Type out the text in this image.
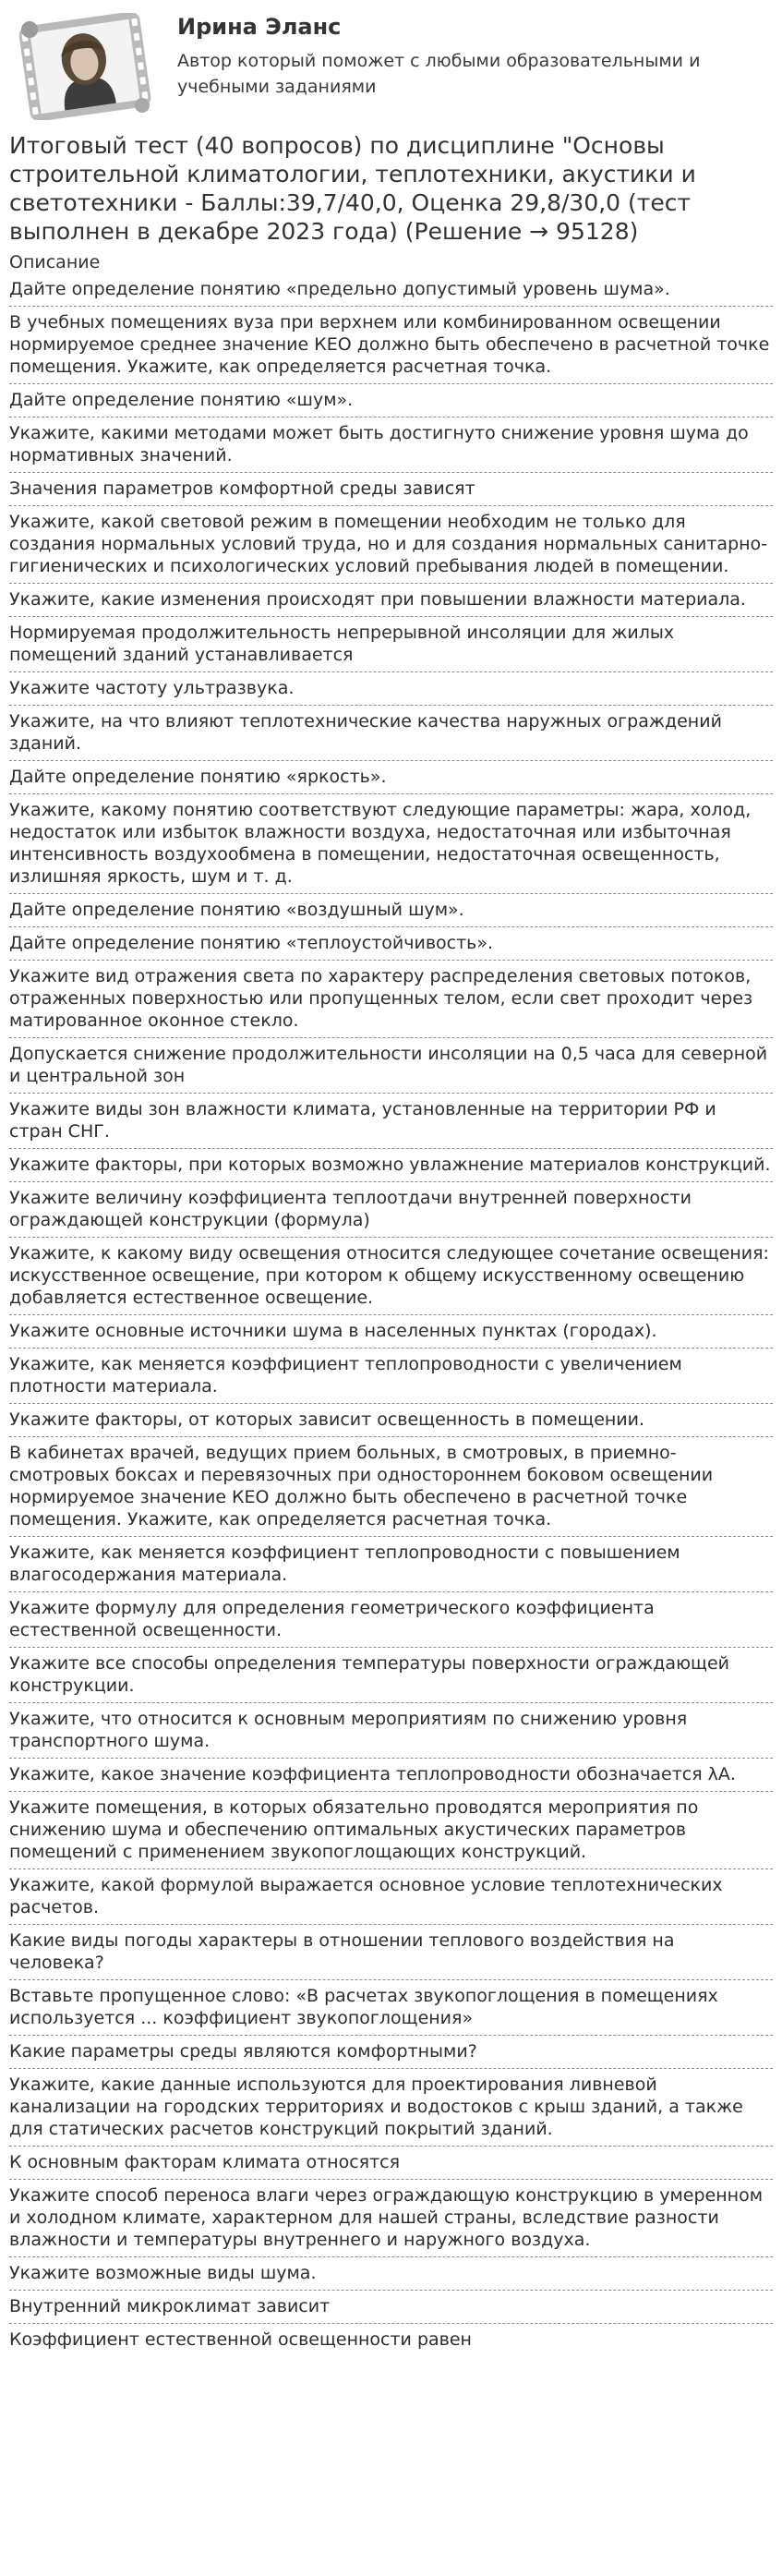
Ирина Эланс
Автор который поможет с любыми образовательными и учебными заданиями
Итоговый тест (40 вопросов) по дисциплине "Основы строительной климатологии, теплотехники, акустики и светотехники - Баллы:39,7/40,0, Оценка 29,8/30,0 (тест выполнен в декабре 2023 года) (Решение → 95128)
Описание
Дайте определение понятию «предельно допустимый уровень шума».
В учебных помещениях вуза при верхнем или комбинированном освещении нормируемое среднее значение КЕО должно быть обеспечено в расчетной точке помещения. Укажите, как определяется расчетная точка.
Дайте определение понятию «шум».
Укажите, какими методами может быть достигнуто снижение уровня шума до нормативных значений.
Значения параметров комфортной среды зависят
Укажите, какой световой режим в помещении необходим не только для создания нормальных условий труда, но и для создания нормальных санитарно-гигиенических и психологических условий пребывания людей в помещении.
Укажите, какие изменения происходят при повышении влажности материала.
Нормируемая продолжительность непрерывной инсоляции для жилых помещений зданий устанавливается
Укажите частоту ультразвука.
Укажите, на что влияют теплотехнические качества наружных ограждений зданий.
Дайте определение понятию «яркость».
Укажите, какому понятию соответствуют следующие параметры: жара, холод, недостаток или избыток влажности воздуха, недостаточная или избыточная интенсивность воздухообмена в помещении, недостаточная освещенность, излишняя яркость, шум и т. д.
Дайте определение понятию «воздушный шум».
Дайте определение понятию «теплоустойчивость».
Укажите вид отражения света по характеру распределения световых потоков, отраженных поверхностью или пропущенных телом, если свет проходит через матированное оконное стекло.
Допускается снижение продолжительности инсоляции на 0,5 часа для северной и центральной зон
Укажите виды зон влажности климата, установленные на территории РФ и стран СНГ.
Укажите факторы, при которых возможно увлажнение материалов конструкций.
Укажите величину коэффициента теплоотдачи внутренней поверхности ограждающей конструкции (формула)
Укажите, к какому виду освещения относится следующее сочетание освещения: искусственное освещение, при котором к общему искусственному освещению добавляется естественное освещение.
Укажите основные источники шума в населенных пунктах (городах).
Укажите, как меняется коэффициент теплопроводности с увеличением плотности материала.
Укажите факторы, от которых зависит освещенность в помещении.
В кабинетах врачей, ведущих прием больных, в смотровых, в приемно-смотровых боксах и перевязочных при одностороннем боковом освещении нормируемое значение КЕО должно быть обеспечено в расчетной точке помещения. Укажите, как определяется расчетная точка.
Укажите, как меняется коэффициент теплопроводности с повышением влагосодержания материала.
Укажите формулу для определения геометрического коэффициента естественной освещенности.
Укажите все способы определения температуры поверхности ограждающей конструкции.
Укажите, что относится к основным мероприятиям по снижению уровня транспортного шума.
Укажите, какое значение коэффициента теплопроводности обозначается λА.
Укажите помещения, в которых обязательно проводятся мероприятия по снижению шума и обеспечению оптимальных акустических параметров помещений с применением звукопоглощающих конструкций.
Укажите, какой формулой выражается основное условие теплотехнических расчетов.
Какие виды погоды характеры в отношении теплового воздействия на человека?
Вставьте пропущенное слово: «В расчетах звукопоглощения в помещениях используется ... коэффициент звукопоглощения»
Какие параметры среды являются комфортными?
Укажите, какие данные используются для проектирования ливневой канализации на городских территориях и водостоков с крыш зданий, а также для статических расчетов конструкций покрытий зданий.
К основным факторам климата относятся
Укажите способ переноса влаги через ограждающую конструкцию в умеренном и холодном климате, характерном для нашей страны, вследствие разности влажности и температуры внутреннего и наружного воздуха.
Укажите возможные виды шума.
Внутренний микроклимат зависит
Коэффициент естественной освещенности равен
